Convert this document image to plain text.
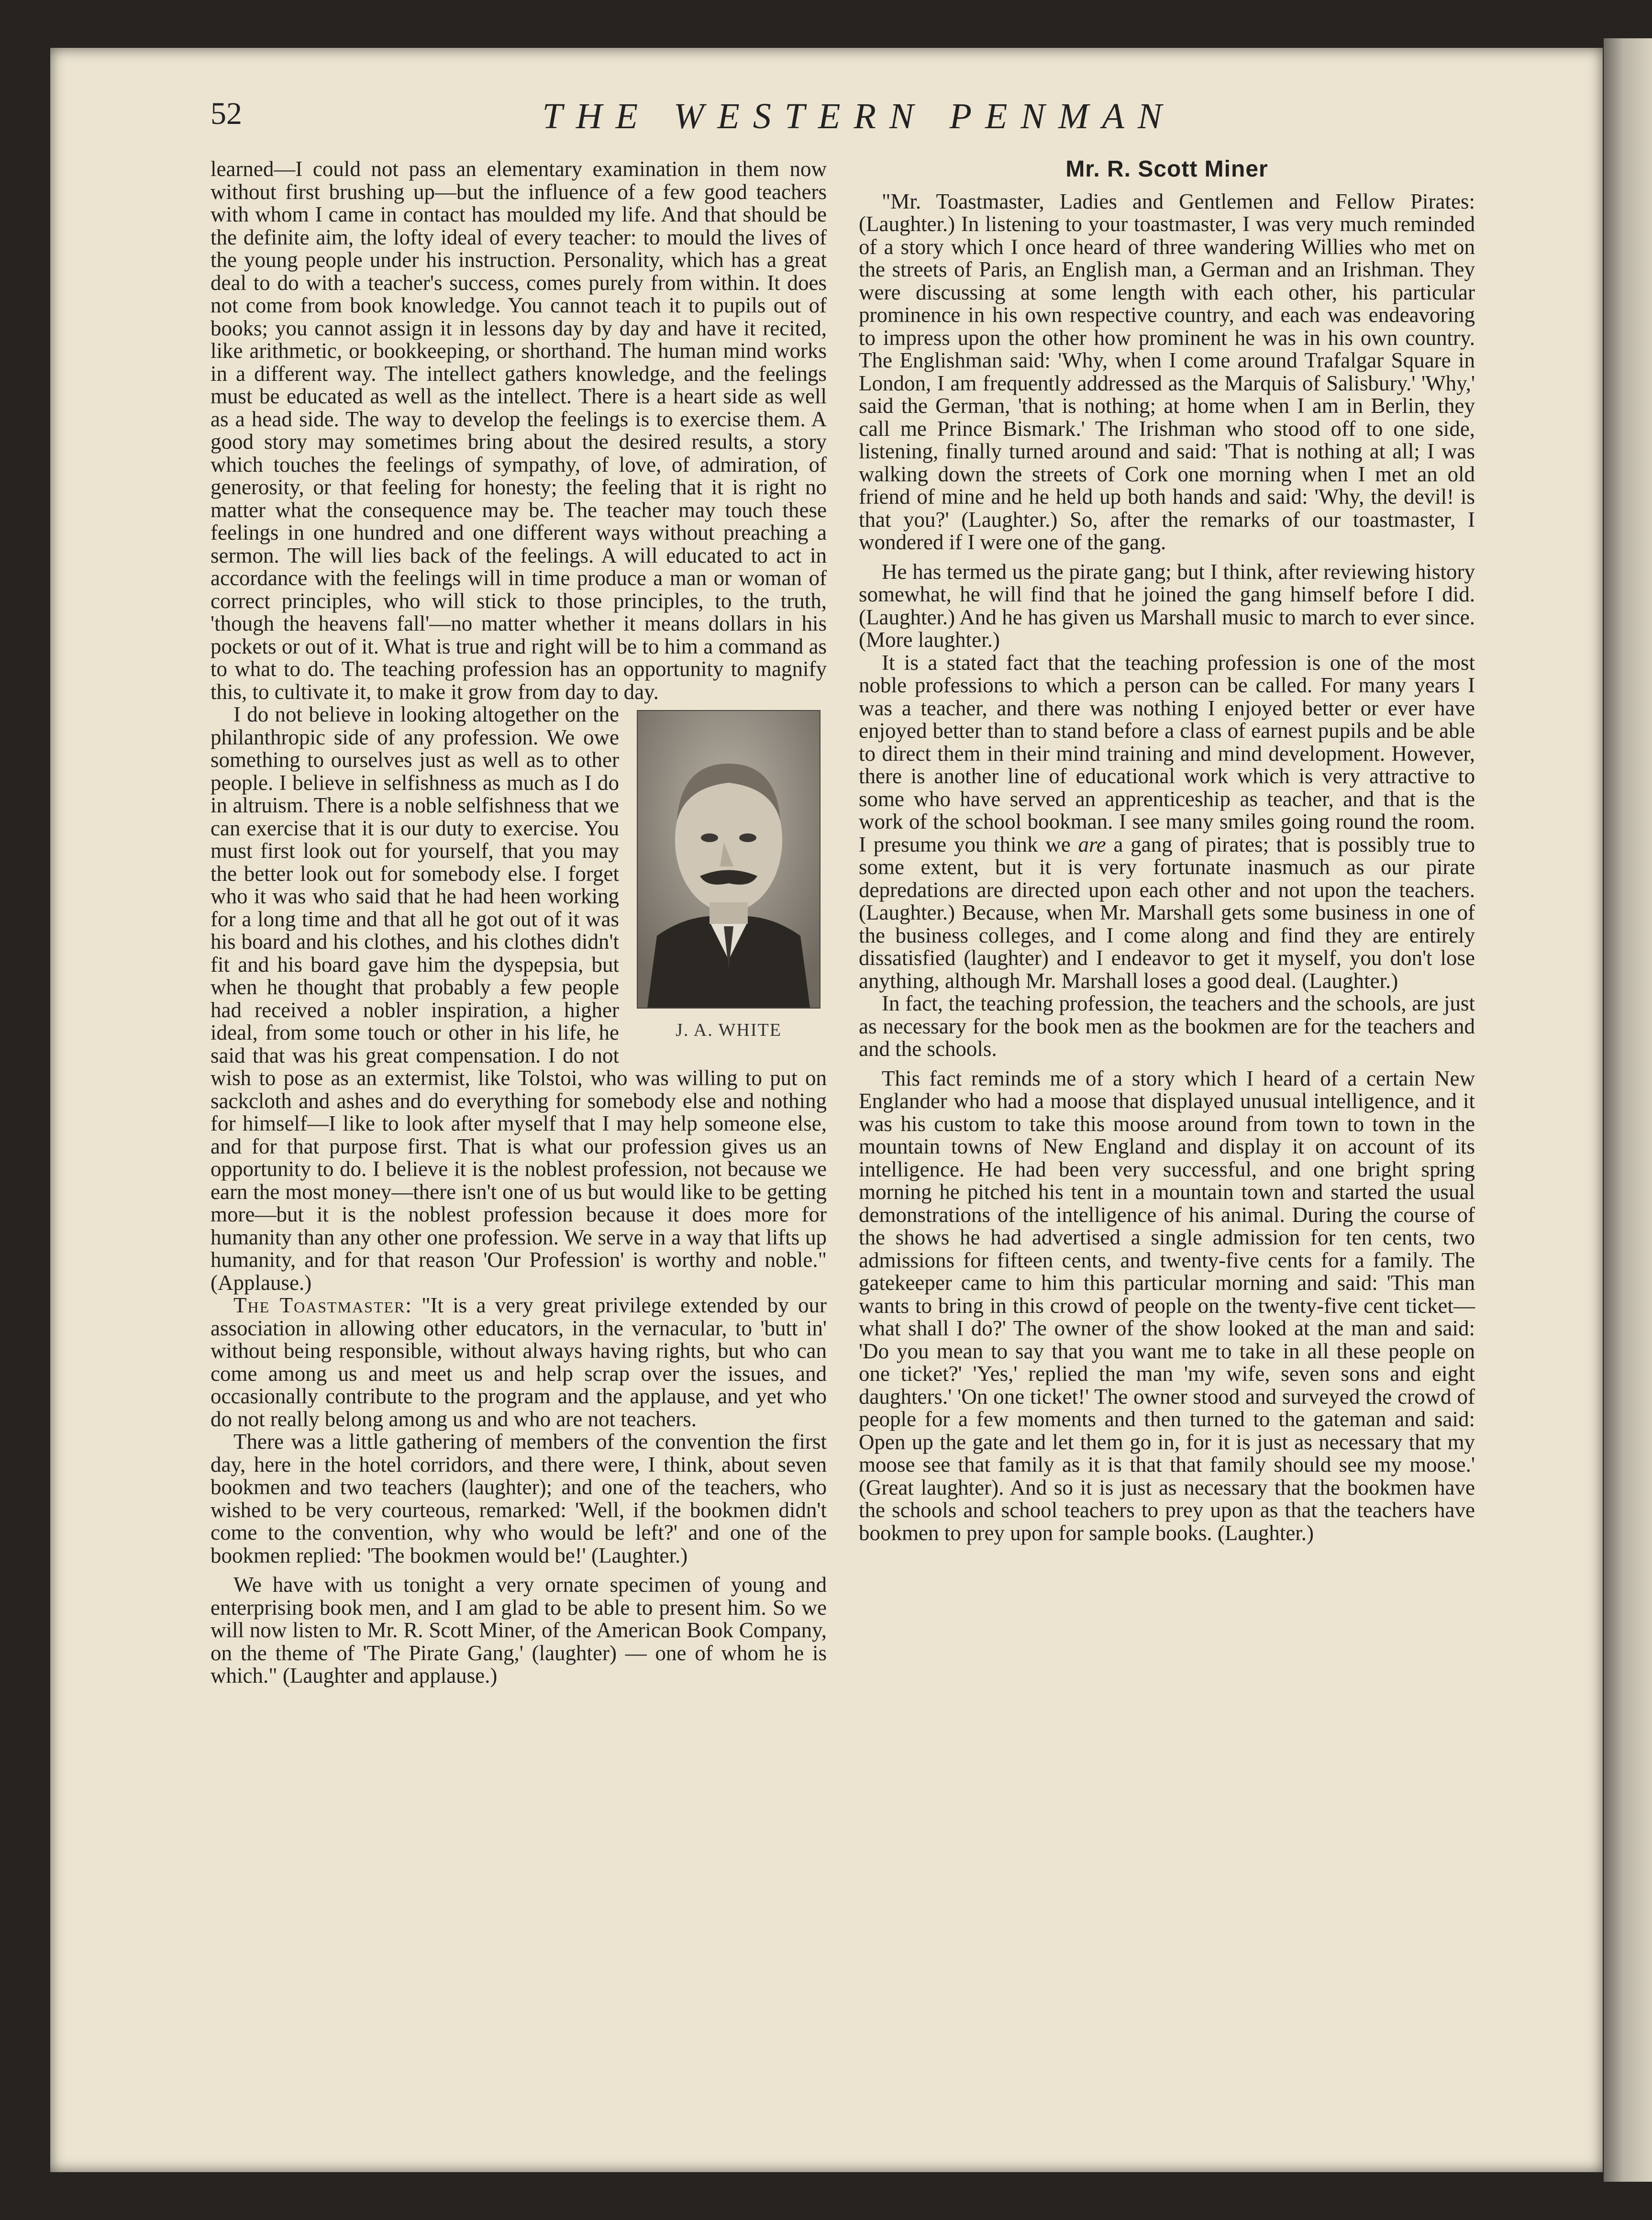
52	THE WESTERN PENMAN

learned—I could not pass an elementary examination in them now without first brushing up—but the influence of a few good teachers with whom I came in contact has moulded my life. And that should be the definite aim, the lofty ideal of every teacher: to mould the lives of the young people under his instruction. Personality, which has a great deal to do with a teacher's success, comes purely from within. It does not come from book knowledge. You cannot teach it to pupils out of books; you cannot assign it in lessons day by day and have it recited, like arithmetic, or bookkeeping, or shorthand. The human mind works in a different way. The intellect gathers knowledge, and the feelings must be educated as well as the intellect. There is a heart side as well as a head side. The way to develop the feelings is to exercise them. A good story may sometimes bring about the desired results, a story which touches the feelings of sympathy, of love, of admiration, of generosity, or that feeling for honesty; the feeling that it is right no matter what the consequence may be. The teacher may touch these feelings in one hundred and one different ways without preaching a sermon. The will lies back of the feelings. A will educated to act in accordance with the feelings will in time produce a man or woman of correct principles, who will stick to those principles, to the truth, 'though the heavens fall'—no matter whether it means dollars in his pockets or out of it. What is true and right will be to him a command as to what to do. The teaching profession has an opportunity to magnify this, to cultivate it, to make it grow from day to day.

J. A. WHITE

I do not believe in looking altogether on the philanthropic side of any profession. We owe something to ourselves just as well as to other people. I believe in selfishness as much as I do in altruism. There is a noble selfishness that we can exercise that it is our duty to exercise. You must first look out for yourself, that you may the better look out for somebody else. I forget who it was who said that he had heen working for a long time and that all he got out of it was his board and his clothes, and his clothes didn't fit and his board gave him the dyspepsia, but when he thought that probably a few people had received a nobler inspiration, a higher ideal, from some touch or other in his life, he said that was his great compensation. I do not wish to pose as an extermist, like Tolstoi, who was willing to put on sackcloth and ashes and do everything for somebody else and nothing for himself—I like to look after myself that I may help someone else, and for that purpose first. That is what our profession gives us an opportunity to do. I believe it is the noblest profession, not because we earn the most money—there isn't one of us but would like to be getting more—but it is the noblest profession because it does more for humanity than any other one profession. We serve in a way that lifts up humanity, and for that reason 'Our Profession' is worthy and noble." (Applause.)

The Toastmaster: "It is a very great privilege extended by our association in allowing other educators, in the vernacular, to 'butt in' without being responsible, without always having rights, but who can come among us and meet us and help scrap over the issues, and occasionally contribute to the program and the applause, and yet who do not really belong among us and who are not teachers.

There was a little gathering of members of the convention the first day, here in the hotel corridors, and there were, I think, about seven bookmen and two teachers (laughter); and one of the teachers, who wished to be very courteous, remarked: 'Well, if the bookmen didn't come to the convention, why who would be left?' and one of the bookmen replied: 'The bookmen would be!' (Laughter.)

We have with us tonight a very ornate specimen of young and enterprising book men, and I am glad to be able to present him. So we will now listen to Mr. R. Scott Miner, of the American Book Company, on the theme of 'The Pirate Gang,' (laughter) — one of whom he is which." (Laughter and applause.)

Mr. R. Scott Miner

"Mr. Toastmaster, Ladies and Gentlemen and Fellow Pirates: (Laughter.) In listening to your toastmaster, I was very much reminded of a story which I once heard of three wandering Willies who met on the streets of Paris, an English man, a German and an Irishman. They were discussing at some length with each other, his particular prominence in his own respective country, and each was endeavoring to impress upon the other how prominent he was in his own country. The Englishman said: 'Why, when I come around Trafalgar Square in London, I am frequently addressed as the Marquis of Salisbury.' 'Why,' said the German, 'that is nothing; at home when I am in Berlin, they call me Prince Bismark.' The Irishman who stood off to one side, listening, finally turned around and said: 'That is nothing at all; I was walking down the streets of Cork one morning when I met an old friend of mine and he held up both hands and said: 'Why, the devil! is that you?' (Laughter.) So, after the remarks of our toastmaster, I wondered if I were one of the gang.

He has termed us the pirate gang; but I think, after reviewing history somewhat, he will find that he joined the gang himself before I did. (Laughter.) And he has given us Marshall music to march to ever since. (More laughter.)

It is a stated fact that the teaching profession is one of the most noble professions to which a person can be called. For many years I was a teacher, and there was nothing I enjoyed better or ever have enjoyed better than to stand before a class of earnest pupils and be able to direct them in their mind training and mind development. However, there is another line of educational work which is very attractive to some who have served an apprenticeship as teacher, and that is the work of the school bookman. I see many smiles going round the room. I presume you think we are a gang of pirates; that is possibly true to some extent, but it is very fortunate inasmuch as our pirate depredations are directed upon each other and not upon the teachers. (Laughter.) Because, when Mr. Marshall gets some business in one of the business colleges, and I come along and find they are entirely dissatisfied (laughter) and I endeavor to get it myself, you don't lose anything, although Mr. Marshall loses a good deal. (Laughter.)

In fact, the teaching profession, the teachers and the schools, are just as necessary for the book men as the bookmen are for the teachers and and the schools.

This fact reminds me of a story which I heard of a certain New Englander who had a moose that displayed unusual intelligence, and it was his custom to take this moose around from town to town in the mountain towns of New England and display it on account of its intelligence. He had been very successful, and one bright spring morning he pitched his tent in a mountain town and started the usual demonstrations of the intelligence of his animal. During the course of the shows he had advertised a single admission for ten cents, two admissions for fifteen cents, and twenty-five cents for a family. The gatekeeper came to him this particular morning and said: 'This man wants to bring in this crowd of people on the twenty-five cent ticket—what shall I do?' The owner of the show looked at the man and said: 'Do you mean to say that you want me to take in all these people on one ticket?' 'Yes,' replied the man 'my wife, seven sons and eight daughters.' 'On one ticket!' The owner stood and surveyed the crowd of people for a few moments and then turned to the gateman and said: Open up the gate and let them go in, for it is just as necessary that my moose see that family as it is that that family should see my moose.' (Great laughter). And so it is just as necessary that the bookmen have the schools and school teachers to prey upon as that the teachers have bookmen to prey upon for sample books. (Laughter.)
